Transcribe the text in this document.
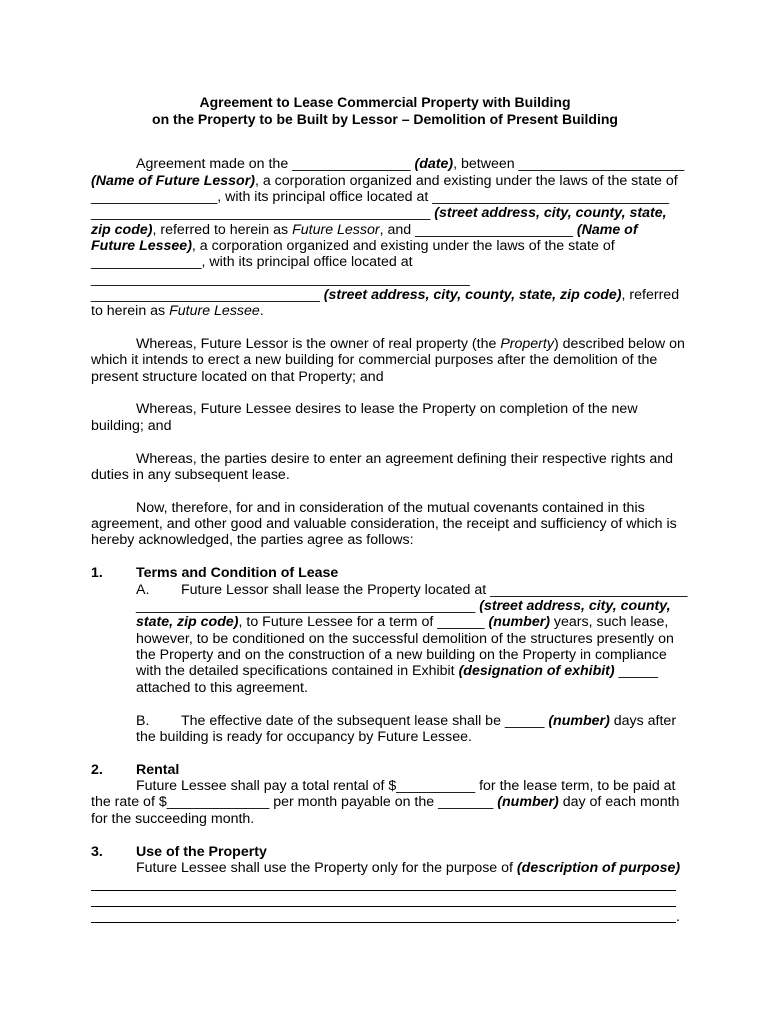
Agreement to Lease Commercial Property with Building
on the Property to be Built by Lessor – Demolition of Present Building
Agreement made on the _______________ (date), between _____________________
(Name of Future Lessor), a corporation organized and existing under the laws of the state of
________________, with its principal office located at ______________________________
___________________________________________ (street address, city, county, state,
zip code), referred to herein as Future Lessor, and ____________________ (Name of
Future Lessee), a corporation organized and existing under the laws of the state of
______________, with its principal office located at
________________________________________________
_____________________________ (street address, city, county, state, zip code), referred
to herein as Future Lessee.
Whereas, Future Lessor is the owner of real property (the Property) described below on
which it intends to erect a new building for commercial purposes after the demolition of the
present structure located on that Property; and
Whereas, Future Lessee desires to lease the Property on completion of the new
building; and
Whereas, the parties desire to enter an agreement defining their respective rights and
duties in any subsequent lease.
Now, therefore, for and in consideration of the mutual covenants contained in this
agreement, and other good and valuable consideration, the receipt and sufficiency of which is
hereby acknowledged, the parties agree as follows:
1. Terms and Condition of Lease
A. Future Lessor shall lease the Property located at _________________________
___________________________________________ (street address, city, county,
state, zip code), to Future Lessee for a term of ______ (number) years, such lease,
however, to be conditioned on the successful demolition of the structures presently on
the Property and on the construction of a new building on the Property in compliance
with the detailed specifications contained in Exhibit (designation of exhibit) _____
attached to this agreement.
B. The effective date of the subsequent lease shall be _____ (number) days after
the building is ready for occupancy by Future Lessee.
2. Rental
Future Lessee shall pay a total rental of $__________ for the lease term, to be paid at
the rate of $_____________ per month payable on the _______ (number) day of each month
for the succeeding month.
3. Use of the Property
Future Lessee shall use the Property only for the purpose of (description of purpose)
.
